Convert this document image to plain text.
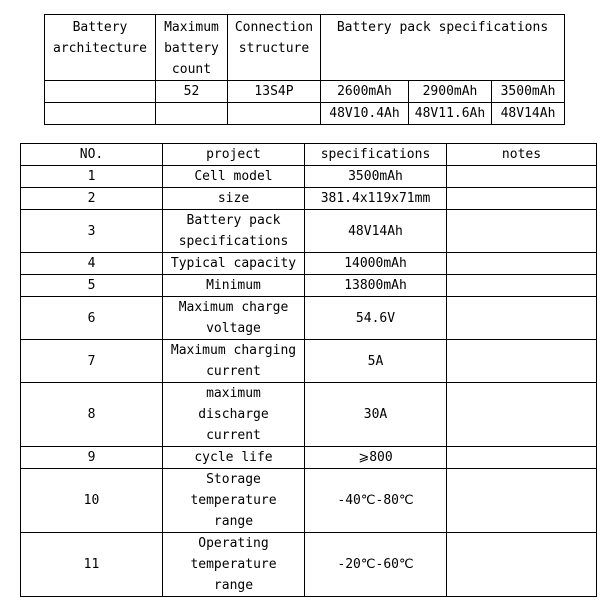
Battery architecture	Maximum battery count	Connection structure	Battery pack specifications		
	52	13S4P	2600mAh	2900mAh	3500mAh
			48V10.4Ah	48V11.6Ah	48V14Ah
NO.	project	specifications	notes
1	Cell model	3500mAh	
2	size	381.4x119x71mm	
3	Battery pack specifications	48V14Ah	
4	Typical capacity	14000mAh	
5	Minimum	13800mAh	
6	Maximum charge voltage	54.6V	
7	Maximum charging current	5A	
8	maximum discharge current	30A	
9	cycle life	⩾800	
10	Storage temperature range	-40℃-80℃	
11	Operating temperature range	-20℃-60℃	
